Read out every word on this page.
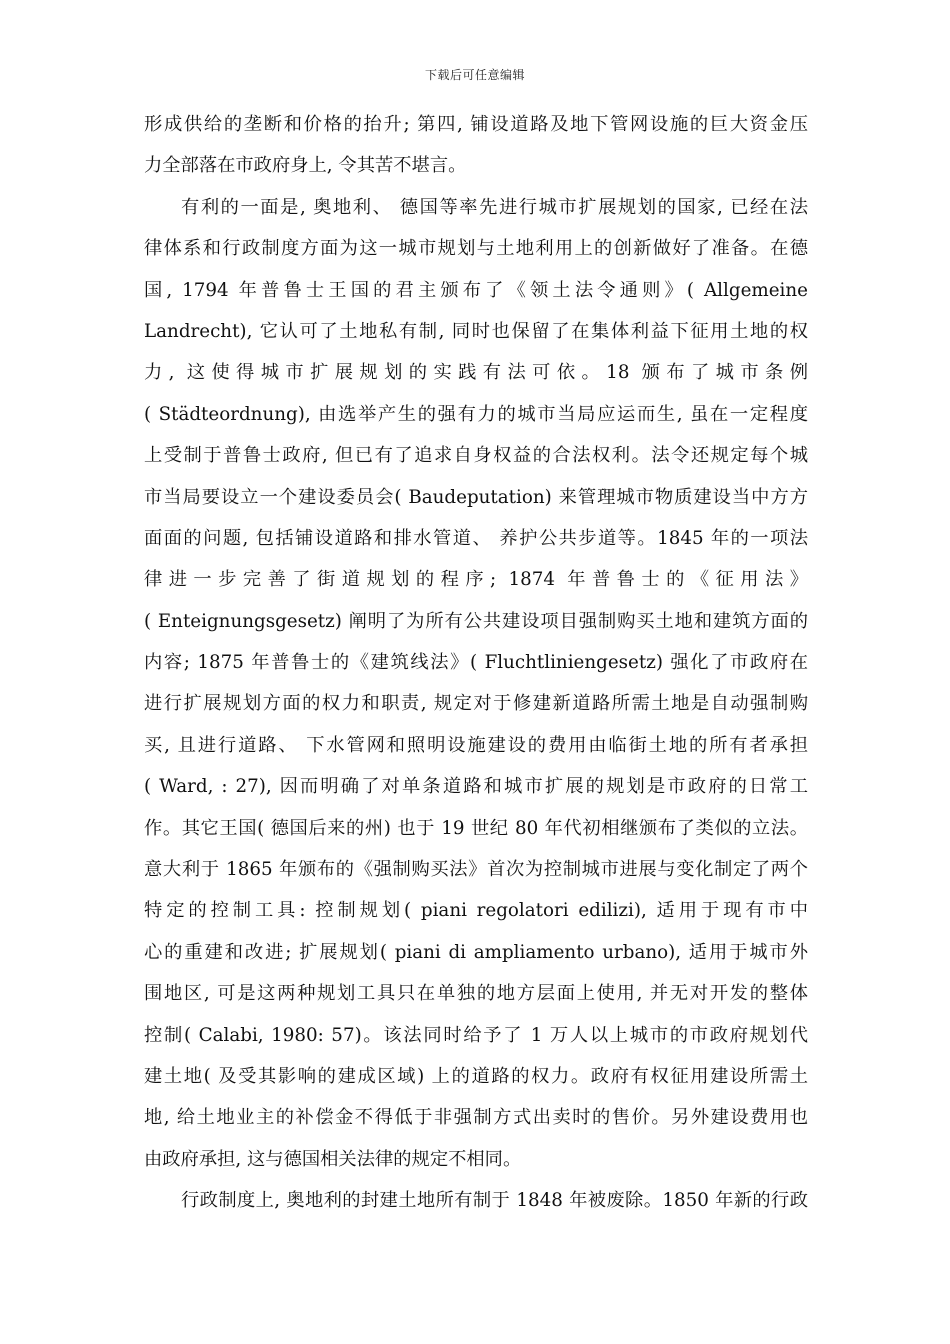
下载后可任意编辑
形成供给的垄断和价格的抬升; 第四, 铺设道路及地下管网设施的巨大资金压
力全部落在市政府身上, 令其苦不堪言。
有利的一面是, 奥地利、 德国等率先进行城市扩展规划的国家, 已经在法
律体系和行政制度方面为这一城市规划与土地利用上的创新做好了准备。在德
国, 1794 年普鲁士王国的君主颁布了《领土法令通则》( Allgemeine
Landrecht), 它认可了土地私有制, 同时也保留了在集体利益下征用土地的权
力, 这使得城市扩展规划的实践有法可依。18 颁布了城市条例
( Städteordnung), 由选举产生的强有力的城市当局应运而生, 虽在一定程度
上受制于普鲁士政府, 但已有了追求自身权益的合法权利。法令还规定每个城
市当局要设立一个建设委员会( Baudeputation) 来管理城市物质建设当中方方
面面的问题, 包括铺设道路和排水管道、 养护公共步道等。1845 年的一项法
律进一步完善了街道规划的程序; 1874 年普鲁士的《征用法》
( Enteignungsgesetz) 阐明了为所有公共建设项目强制购买土地和建筑方面的
内容; 1875 年普鲁士的《建筑线法》( Fluchtliniengesetz) 强化了市政府在
进行扩展规划方面的权力和职责, 规定对于修建新道路所需土地是自动强制购
买, 且进行道路、 下水管网和照明设施建设的费用由临街土地的所有者承担
( Ward, : 27), 因而明确了对单条道路和城市扩展的规划是市政府的日常工
作。其它王国( 德国后来的州) 也于 19 世纪 80 年代初相继颁布了类似的立法。
意大利于 1865 年颁布的《强制购买法》首次为控制城市进展与变化制定了两个
特定的控制工具: 控制规划( piani regolatori edilizi), 适用于现有市中
心的重建和改进; 扩展规划( piani di ampliamento urbano), 适用于城市外
围地区, 可是这两种规划工具只在单独的地方层面上使用, 并无对开发的整体
控制( Calabi, 1980: 57)。该法同时给予了 1 万人以上城市的市政府规划代
建土地( 及受其影响的建成区域) 上的道路的权力。政府有权征用建设所需土
地, 给土地业主的补偿金不得低于非强制方式出卖时的售价。另外建设费用也
由政府承担, 这与德国相关法律的规定不相同。
行政制度上, 奥地利的封建土地所有制于 1848 年被废除。1850 年新的行政
